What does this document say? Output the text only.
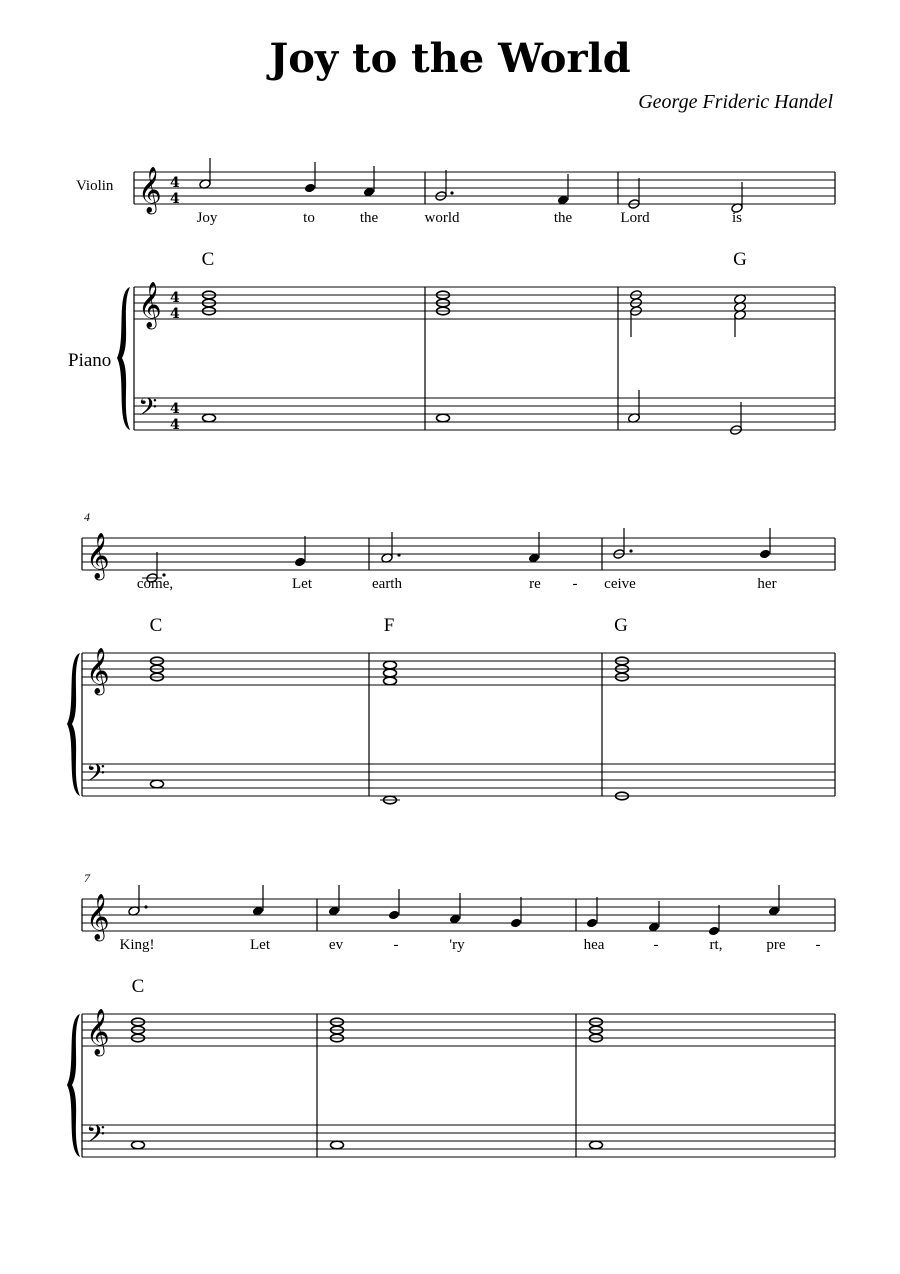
Joy to the World
George Frideric Handel
Violin
Piano
𝄞 4
4
Joy	to	the	world	the	Lord	is
C	G
𝄞 4
4
𝄢 4
4
4
𝄞
come,	Let	earth	re - ceive	her
C	F	G
𝄞
𝄢
7
𝄞
King!	Let	ev	-	'ry	hea	-	rt,	pre -
C
𝄞
𝄢
